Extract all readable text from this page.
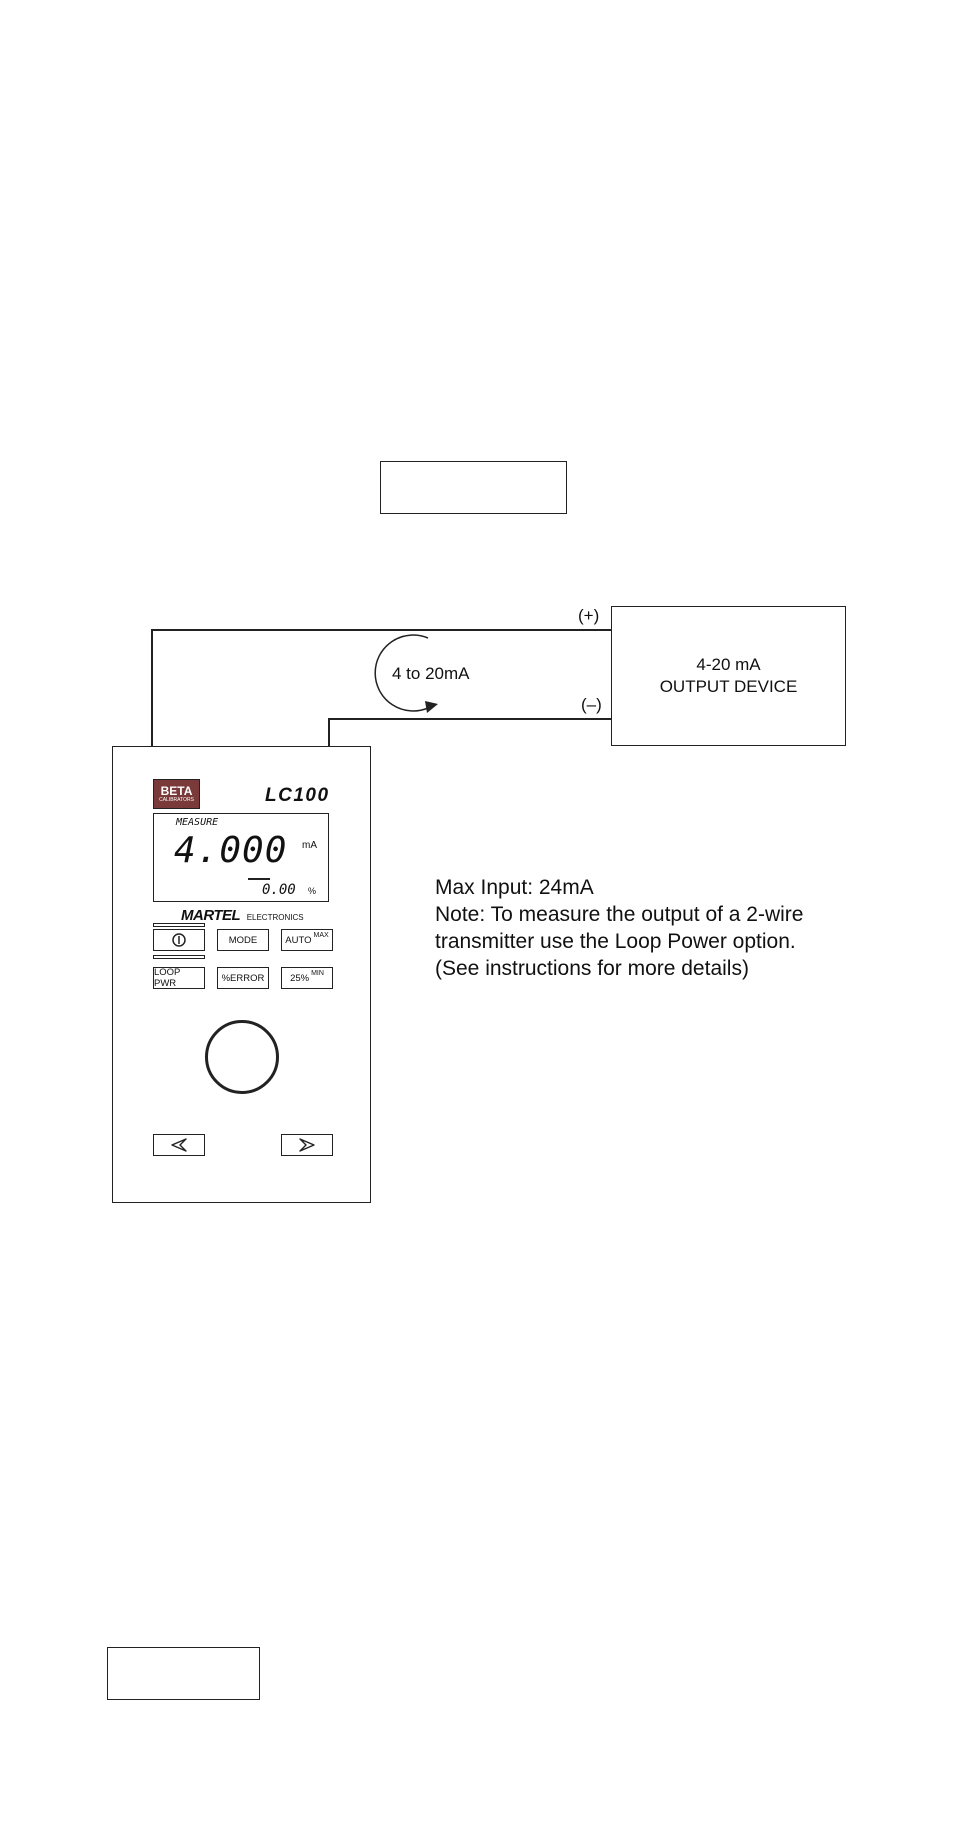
(+)
(–)
4 to 20mA	4-20 mA
OUTPUT DEVICE
BETA
CALIBRATORS	LC100
MEASURE
4.000 mA
0.00 %
MARTEL ELECTRONICS
MODE	AUTO $^{MAX}$
LOOP PWR	%ERROR	25% $^{MIN}$
Max Input: 24mA
Note: To measure the output of a 2-wire
transmitter use the Loop Power option.
(See instructions for more details)
